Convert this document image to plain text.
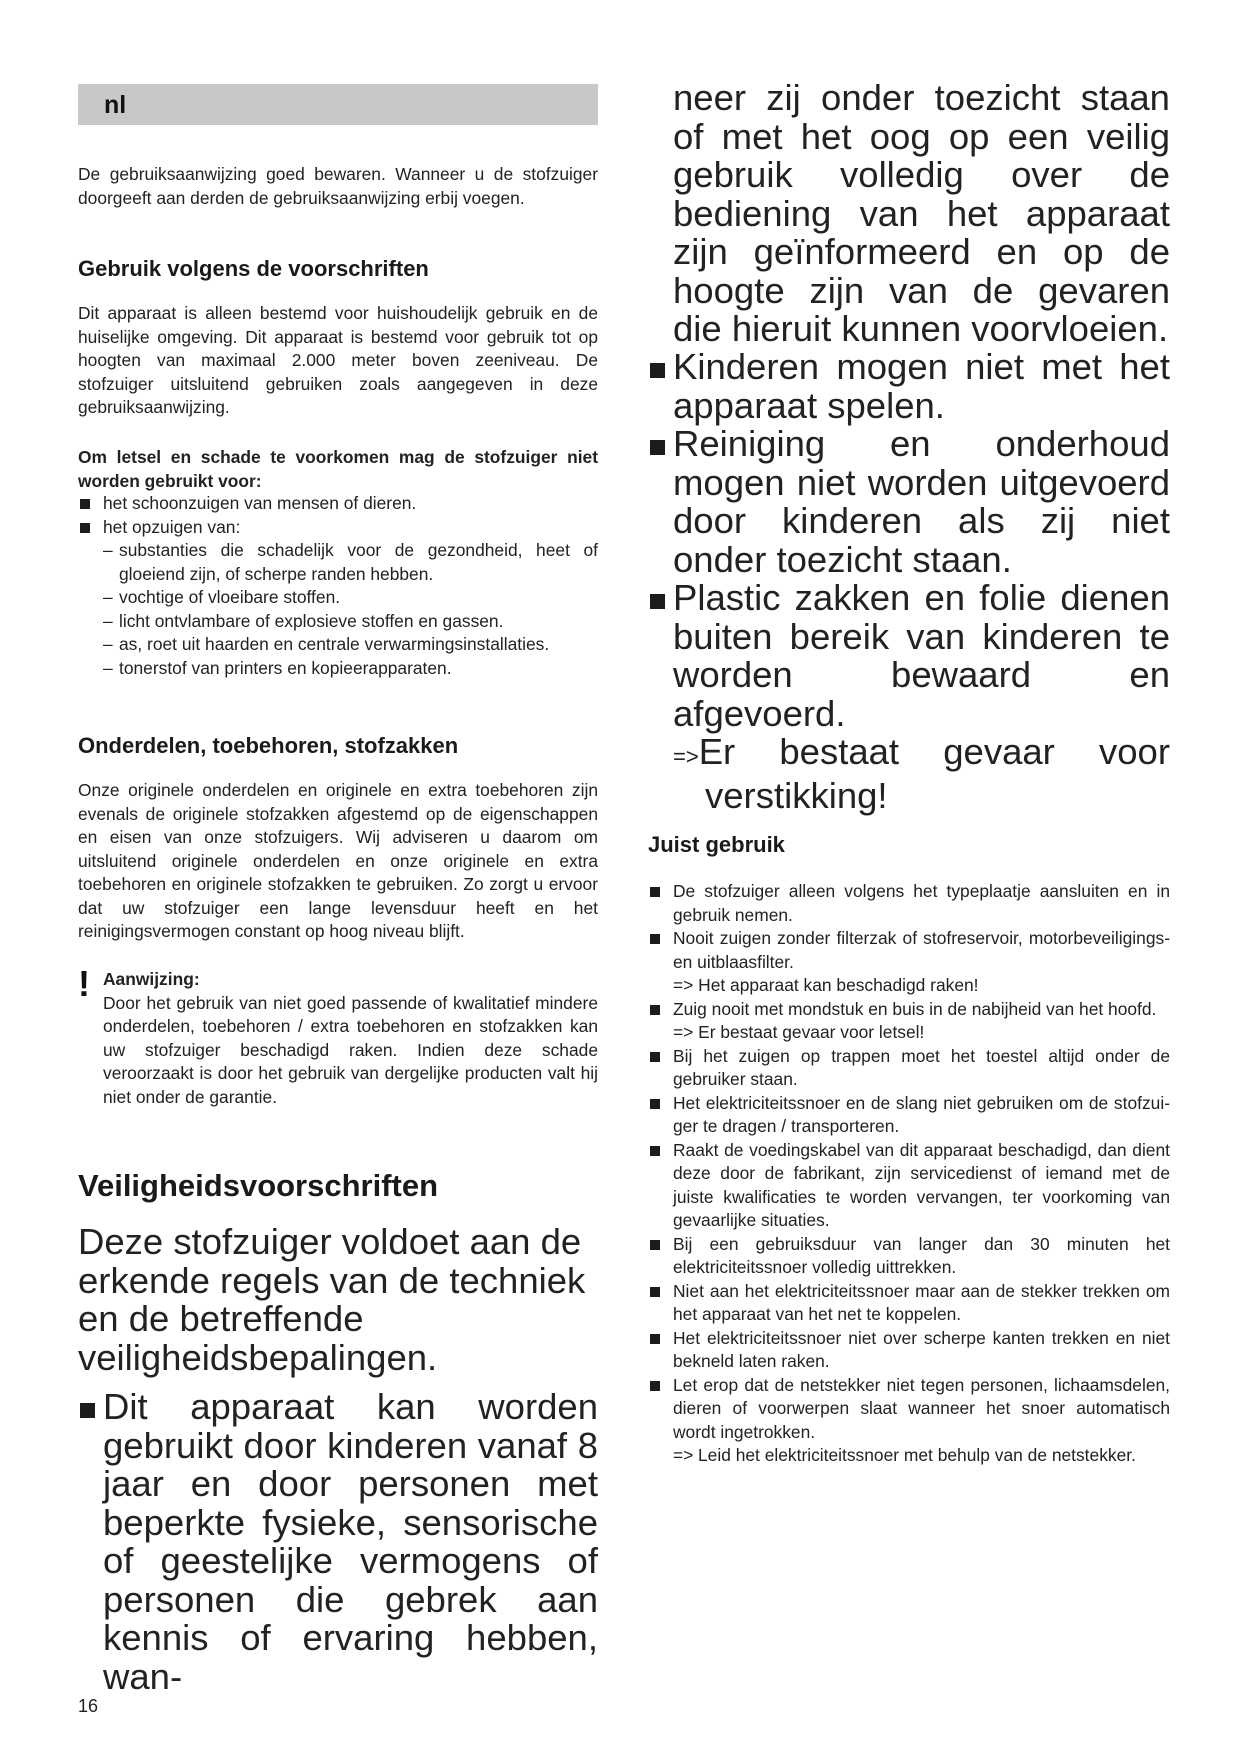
nl

De gebruiksaanwijzing goed bewaren. Wanneer u de stofzuiger doorgeeft aan derden de gebruiksaanwijzing erbij voegen.

Gebruik volgens de voorschriften

Dit apparaat is alleen bestemd voor huishoudelijk gebruik en de huiselijke omgeving. Dit apparaat is bestemd voor gebruik tot op hoogten van maximaal 2.000 meter boven zeeniveau. De stofzuiger uitsluitend gebruiken zoals aangegeven in deze gebruiksaanwijzing.

Om letsel en schade te voorkomen mag de stofzuiger niet worden gebruikt voor:

het schoonzuigen van mensen of dieren.
het opzuigen van:
– substanties die schadelijk voor de gezondheid, heet of gloeiend zijn, of scherpe randen hebben.
– vochtige of vloeibare stoffen.
– licht ontvlambare of explosieve stoffen en gassen.
– as, roet uit haarden en centrale verwarmingsinstallaties.
– tonerstof van printers en kopieerapparaten.
Onderdelen, toebehoren, stofzakken

Onze originele onderdelen en originele en extra toebehoren zijn evenals de originele stofzakken afgestemd op de eigenschappen en eisen van onze stofzuigers. Wij adviseren u daarom om uitsluitend originele onderdelen en onze originele en extra toebehoren en originele stofzakken te gebruiken. Zo zorgt u ervoor dat uw stofzuiger een lange levensduur heeft en het reinigingsvermogen constant op hoog niveau blijft.

! Aanwijzing:

Door het gebruik van niet goed passende of kwalitatief mindere onderdelen, toebehoren / extra toebehoren en stofzakken kan uw stofzuiger beschadigd raken. Indien deze schade veroorzaakt is door het gebruik van dergelijke producten valt hij niet onder de garantie.

Veiligheidsvoorschriften

Deze stofzuiger voldoet aan de erkende regels van de techniek en de betreffende veiligheidsbepalingen.

Dit apparaat kan worden gebruikt door kinderen vanaf 8 jaar en door personen met beperkte fysieke, sensorische of geestelijke vermogens of personen die gebrek aan kennis of ervaring hebben, wan-

neer zij onder toezicht staan of met het oog op een veilig gebruik volledig over de bediening van het apparaat zijn geïnformeerd en op de hoogte zijn van de gevaren die hieruit kunnen voorvloeien.

Kinderen mogen niet met het apparaat spelen.
Reiniging en onderhoud mogen niet worden uitgevoerd door kinderen als zij niet onder toezicht staan.
Plastic zakken en folie dienen buiten bereik van kinderen te worden bewaard en afgevoerd.
=>Er bestaat gevaar voor
verstikking!
Juist gebruik
De stofzuiger alleen volgens het typeplaatje aansluiten en in gebruik nemen.
Nooit zuigen zonder filterzak of stofreservoir, motorbeveiligings- en uitblaasfilter.
=> Het apparaat kan beschadigd raken!
Zuig nooit met mondstuk en buis in de nabijheid van het hoofd.
=> Er bestaat gevaar voor letsel!
Bij het zuigen op trappen moet het toestel altijd onder de gebruiker staan.
Het elektriciteitssnoer en de slang niet gebruiken om de stofzui-ger te dragen / transporteren.
Raakt de voedingskabel van dit apparaat beschadigd, dan dient deze door de fabrikant, zijn servicedienst of iemand met de juiste kwalificaties te worden vervangen, ter voorkoming van gevaarlijke situaties.
Bij een gebruiksduur van langer dan 30 minuten het elektriciteitssnoer volledig uittrekken.
Niet aan het elektriciteitssnoer maar aan de stekker trekken om het apparaat van het net te koppelen.
Het elektriciteitssnoer niet over scherpe kanten trekken en niet bekneld laten raken.
Let erop dat de netstekker niet tegen personen, lichaamsdelen, dieren of voorwerpen slaat wanneer het snoer automatisch wordt ingetrokken.
=> Leid het elektriciteitssnoer met behulp van de netstekker.
16
